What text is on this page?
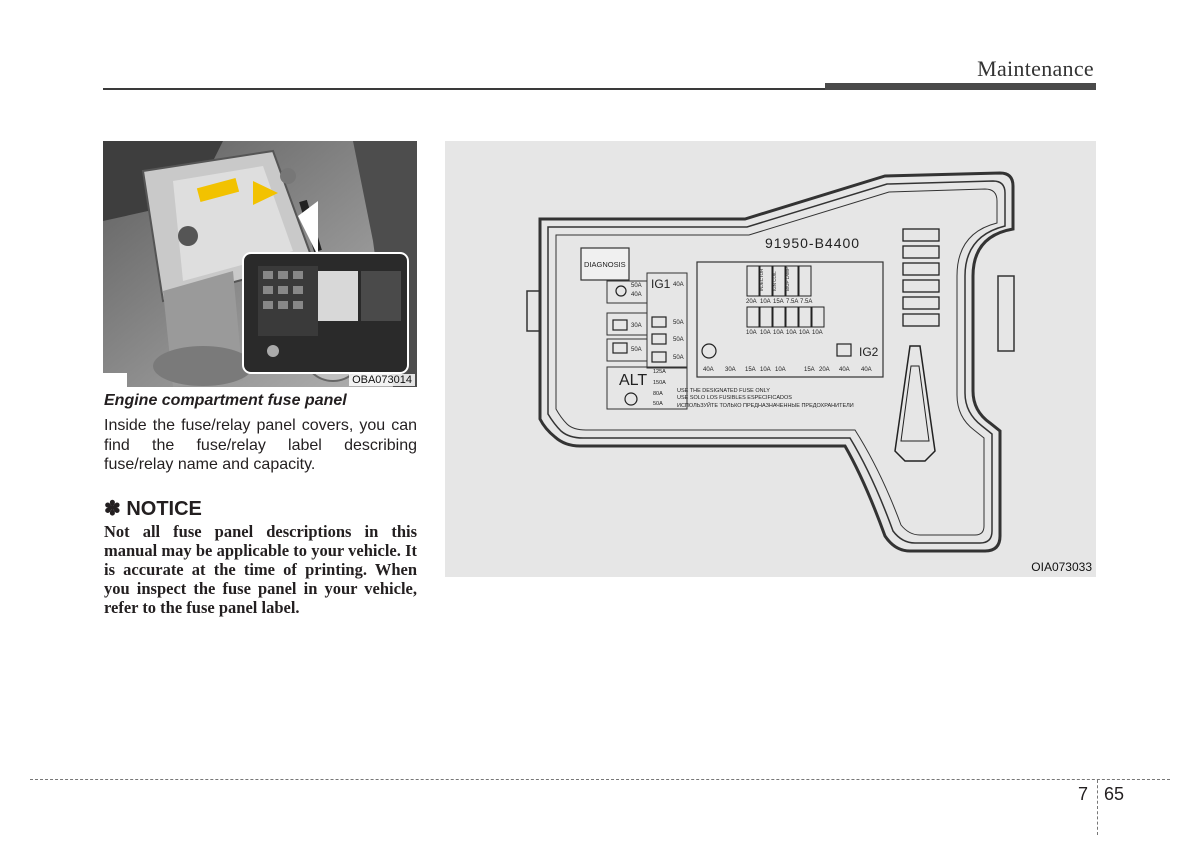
Maintenance
OBA073014
Engine compartment fuse panel
Inside the fuse/relay panel covers, you can find the fuse/relay label describing fuse/relay name and capacity.
✽ NOTICE
Not all fuse panel descriptions in this manual may be applicable to your vehicle. It is accurate at the time of printing. When you inspect the fuse panel in your vehicle, refer to the fuse panel label.
DIAGNOSIS
50A
40A
30A
50A
IG1 40A
50A
50A
50A
ALT 125A
150A
80A
50A
91950-B4400
INJECTOR IGN COIL B/UP LAMP
20A 10A 15A 7.5A 7.5A
10A 10A 10A 10A 10A 10A
IG2
40A 30A 15A 10A 10A	15A 20A 40A 40A
USE THE DESIGNATED FUSE ONLY
USE SOLO LOS FUSIBLES ESPECIFICADOS
ИСПОЛЬЗУЙТЕ ТОЛЬКО ПРЕДНАЗНАЧЕННЫЕ ПРЕДОХРАНИТЕЛИ
OIA073033
7 65
